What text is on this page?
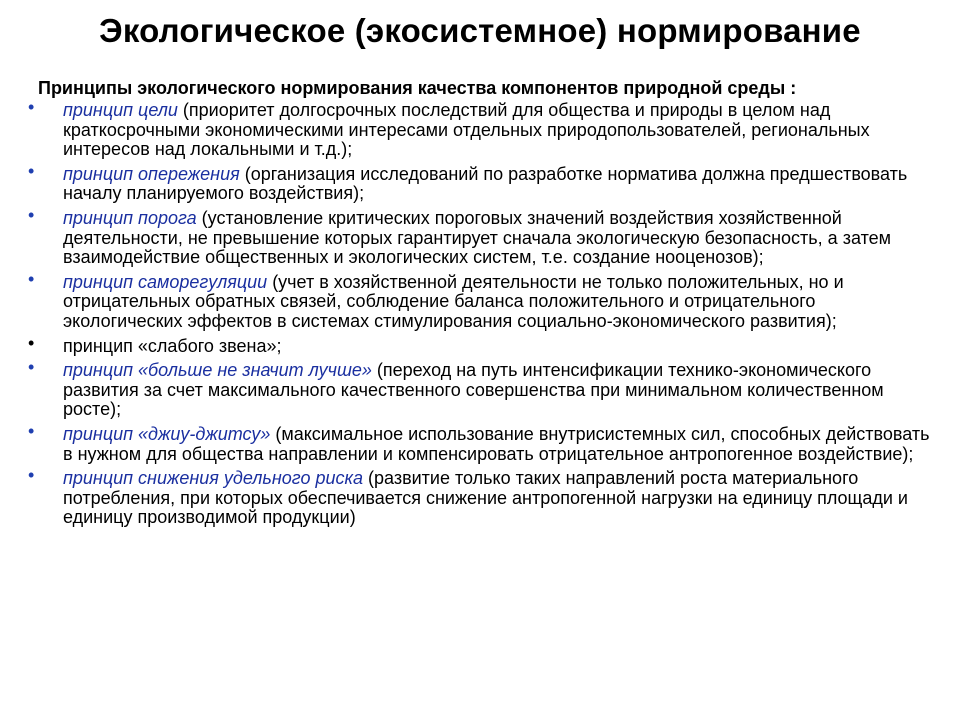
Экологическое (экосистемное) нормирование
Принципы экологического нормирования качества компонентов природной среды :
• принцип цели (приоритет долгосрочных последствий для общества и природы в целом над краткосрочными экономическими интересами отдельных природопользователей, региональных интересов над локальными и т.д.);
• принцип опережения (организация исследований по разработке норматива должна предшествовать началу планируемого воздействия);
• принцип порога (установление критических пороговых значений воздействия хозяйственной деятельности, не превышение которых гарантирует сначала экологическую безопасность, а затем взаимодействие общественных и экологических систем, т.е. создание нооценозов);
• принцип саморегуляции (учет в хозяйственной деятельности не только положительных, но и отрицательных обратных связей, соблюдение баланса положительного и отрицательного экологических эффектов в системах стимулирования социально-экономического развития);
• принцип «слабого звена»;
• принцип «больше не значит лучше» (переход на путь интенсификации технико-экономического развития за счет максимального качественного совершенства при минимальном количественном росте);
• принцип «джиу-джитсу» (максимальное использование внутрисистемных сил, способных действовать в нужном для общества направлении и компенсировать отрицательное антропогенное воздействие);
• принцип снижения удельного риска (развитие только таких направлений роста материального потребления, при которых обеспечивается снижение антропогенной нагрузки на единицу площади и единицу производимой продукции)
